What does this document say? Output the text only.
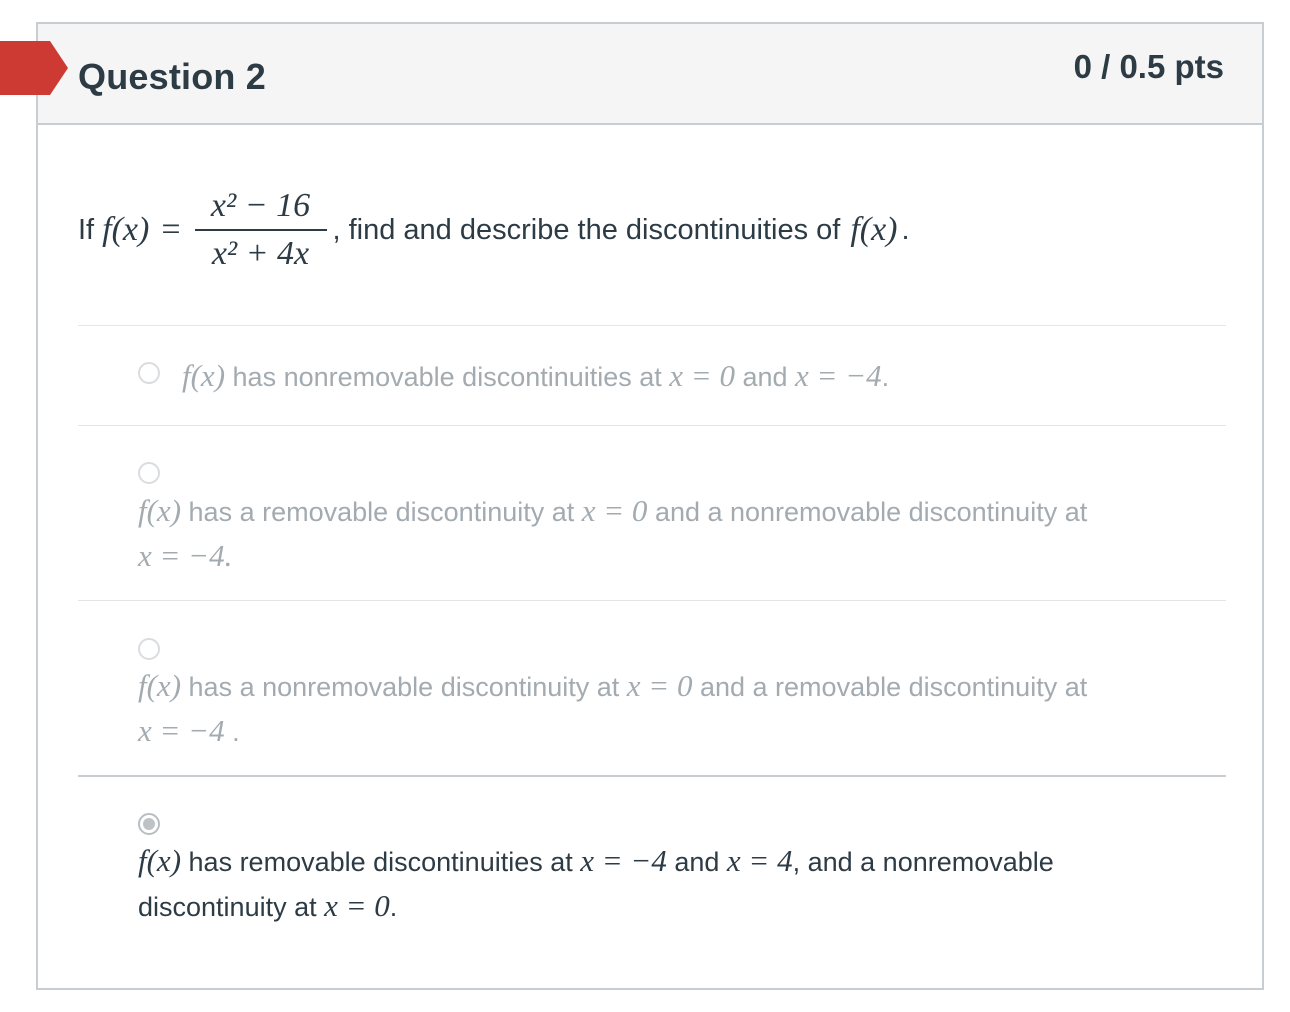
Question 2	0 / 0.5 pts
If $f(x) = \frac{\text{x² − 16}}{\text{x² + 4x}}$ , find and describe the discontinuities of f(x) .
f(x) has nonremovable discontinuities at x = 0 and x = −4.
f(x) has a removable discontinuity at x = 0 and a nonremovable discontinuity at
x = −4.
f(x) has a nonremovable discontinuity at x = 0 and a removable discontinuity at
x = −4 .
f(x) has removable discontinuities at x = −4 and x = 4, and a nonremovable
discontinuity at x = 0.
